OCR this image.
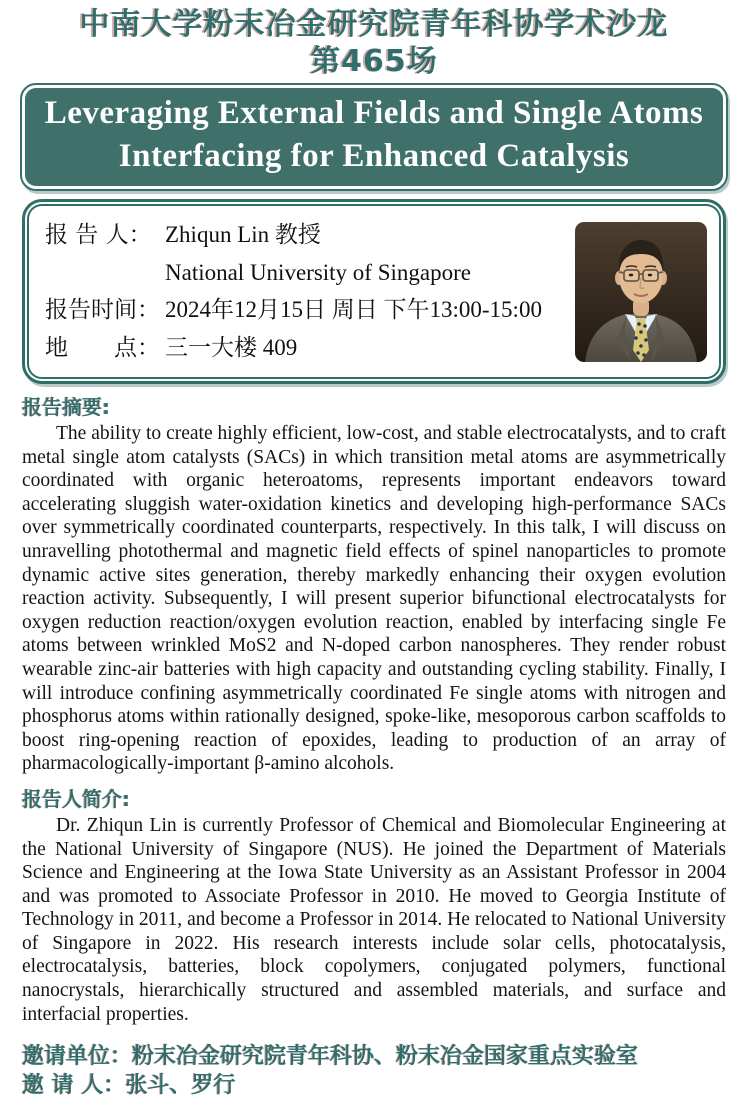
中南大学粉末冶金研究院青年科协学术沙龙
第465场
Leveraging External Fields and Single Atoms
Interfacing for Enhanced Catalysis
报 告 人： Zhiqun Lin 教授
National University of Singapore
报告时间： 2024年12月15日 周日 下午13:00-15:00
地　　点： 三一大楼 409
报告摘要:
The ability to create highly efficient, low-cost, and stable electrocatalysts, and to craft metal single atom catalysts (SACs) in which transition metal atoms are asymmetrically coordinated with organic heteroatoms, represents important endeavors toward accelerating sluggish water-oxidation kinetics and developing high-performance SACs over symmetrically coordinated counterparts, respectively. In this talk, I will discuss on unravelling photothermal and magnetic field effects of spinel nanoparticles to promote dynamic active sites generation, thereby markedly enhancing their oxygen evolution reaction activity. Subsequently, I will present superior bifunctional electrocatalysts for oxygen reduction reaction/oxygen evolution reaction, enabled by interfacing single Fe atoms between wrinkled MoS2 and N-doped carbon nanospheres. They render robust wearable zinc-air batteries with high capacity and outstanding cycling stability. Finally, I will introduce confining asymmetrically coordinated Fe single atoms with nitrogen and phosphorus atoms within rationally designed, spoke-like, mesoporous carbon scaffolds to boost ring-opening reaction of epoxides, leading to production of an array of pharmacologically-important β-amino alcohols.
报告人简介:
Dr. Zhiqun Lin is currently Professor of Chemical and Biomolecular Engineering at the National University of Singapore (NUS). He joined the Department of Materials Science and Engineering at the Iowa State University as an Assistant Professor in 2004 and was promoted to Associate Professor in 2010. He moved to Georgia Institute of Technology in 2011, and become a Professor in 2014. He relocated to National University of Singapore in 2022. His research interests include solar cells, photocatalysis, electrocatalysis, batteries, block copolymers, conjugated polymers, functional nanocrystals, hierarchically structured and assembled materials, and surface and interfacial properties.
邀请单位：粉末冶金研究院青年科协、粉末冶金国家重点实验室
邀 请 人：张斗、罗行
